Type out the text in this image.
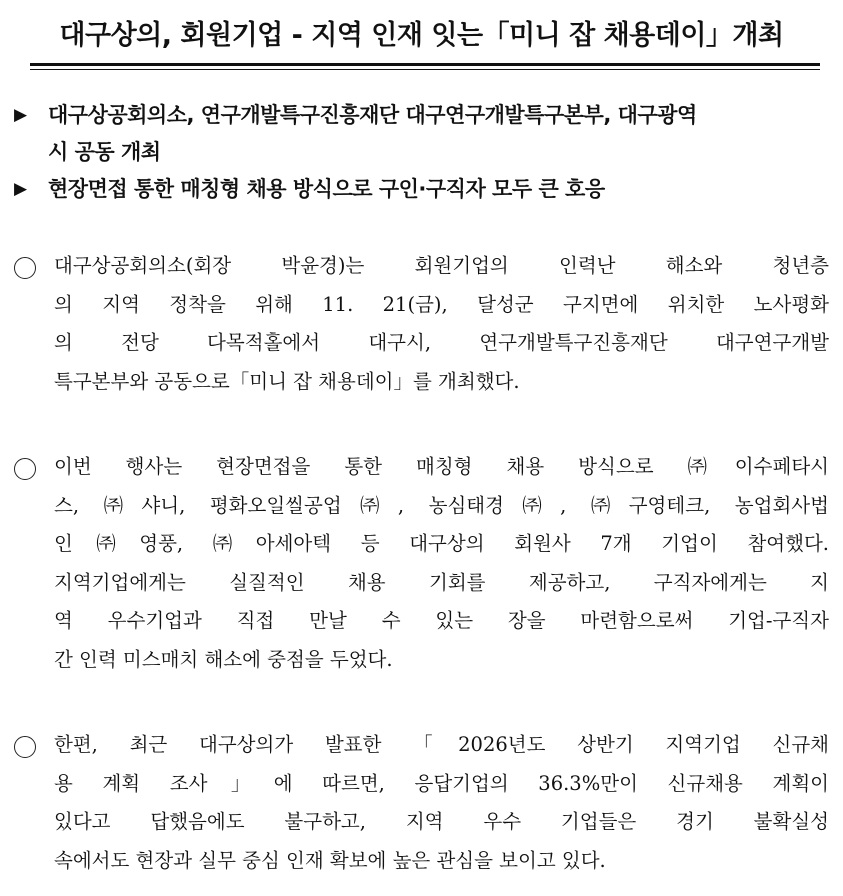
대구상의, 회원기업 - 지역 인재 잇는「미니 잡 채용데이」개최
▶ 대구상공회의소, 연구개발특구진흥재단 대구연구개발특구본부, 대구광역
시 공동 개최
▶ 현장면접 통한 매칭형 채용 방식으로 구인·구직자 모두 큰 호응
대구상공회의소(회장 박윤경)는 회원기업의 인력난 해소와 청년층
의 지역 정착을 위해 11. 21(금), 달성군 구지면에 위치한 노사평화
의 전당 다목적홀에서 대구시, 연구개발특구진흥재단 대구연구개발
특구본부와 공동으로「미니 잡 채용데이」를 개최했다.
이번 행사는 현장면접을 통한 매칭형 채용 방식으로 ㈜이수페타시
스, ㈜샤니, 평화오일씰공업㈜, 농심태경㈜, ㈜구영테크, 농업회사법
인㈜영풍, ㈜아세아텍 등 대구상의 회원사 7개 기업이 참여했다.
지역기업에게는 실질적인 채용 기회를 제공하고, 구직자에게는 지
역 우수기업과 직접 만날 수 있는 장을 마련함으로써 기업-구직자
간 인력 미스매치 해소에 중점을 두었다.
한편, 최근 대구상의가 발표한 「2026년도 상반기 지역기업 신규채
용 계획 조사」에 따르면, 응답기업의 36.3%만이 신규채용 계획이
있다고 답했음에도 불구하고, 지역 우수 기업들은 경기 불확실성
속에서도 현장과 실무 중심 인재 확보에 높은 관심을 보이고 있다.
